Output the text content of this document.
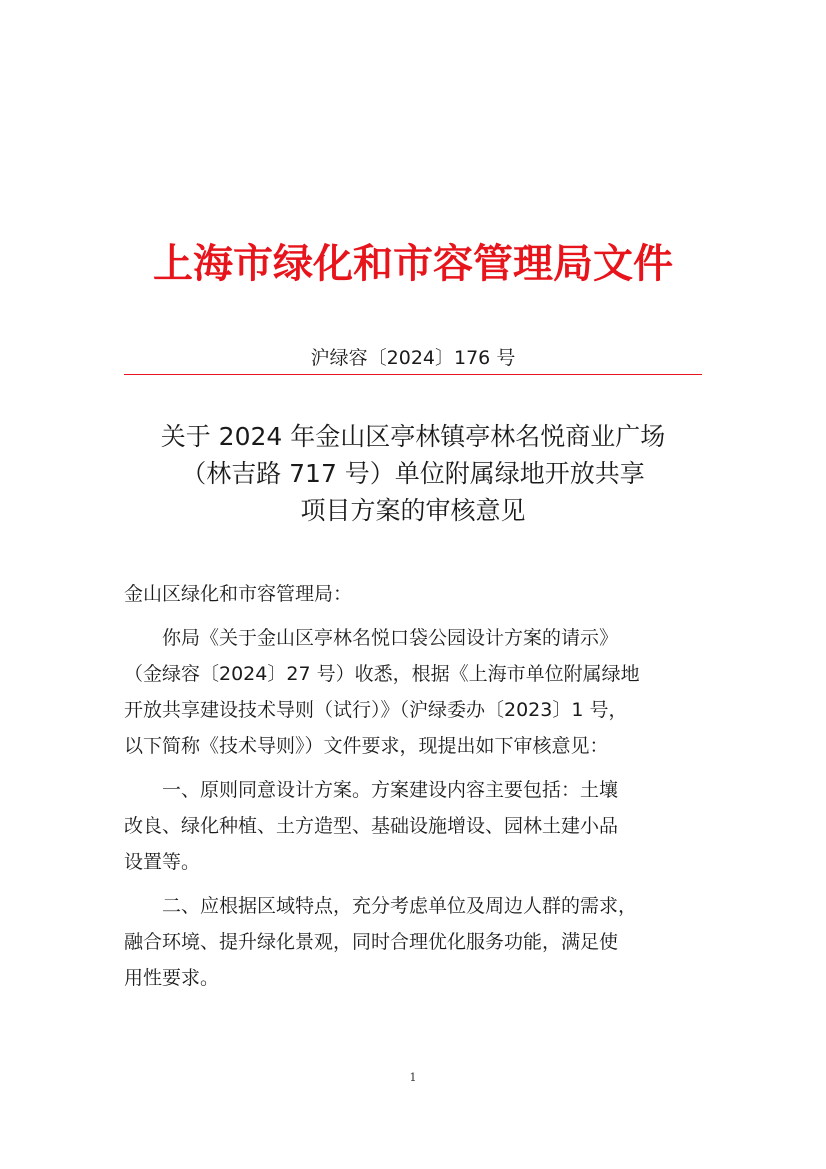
上海市绿化和市容管理局文件
沪绿容〔2024〕176 号
关于 2024 年金山区亭林镇亭林名悦商业广场
（林吉路 717 号）单位附属绿地开放共享
项目方案的审核意见
金山区绿化和市容管理局：
你局《关于金山区亭林名悦口袋公园设计方案的请示》
（金绿容〔2024〕27 号）收悉，根据《上海市单位附属绿地
开放共享建设技术导则（试行）》（沪绿委办〔2023〕1 号，
以下简称《技术导则》）文件要求，现提出如下审核意见：
一、原则同意设计方案。方案建设内容主要包括：土壤
改良、绿化种植、土方造型、基础设施增设、园林土建小品
设置等。
二、应根据区域特点，充分考虑单位及周边人群的需求，
融合环境、提升绿化景观，同时合理优化服务功能，满足使
用性要求。
1
